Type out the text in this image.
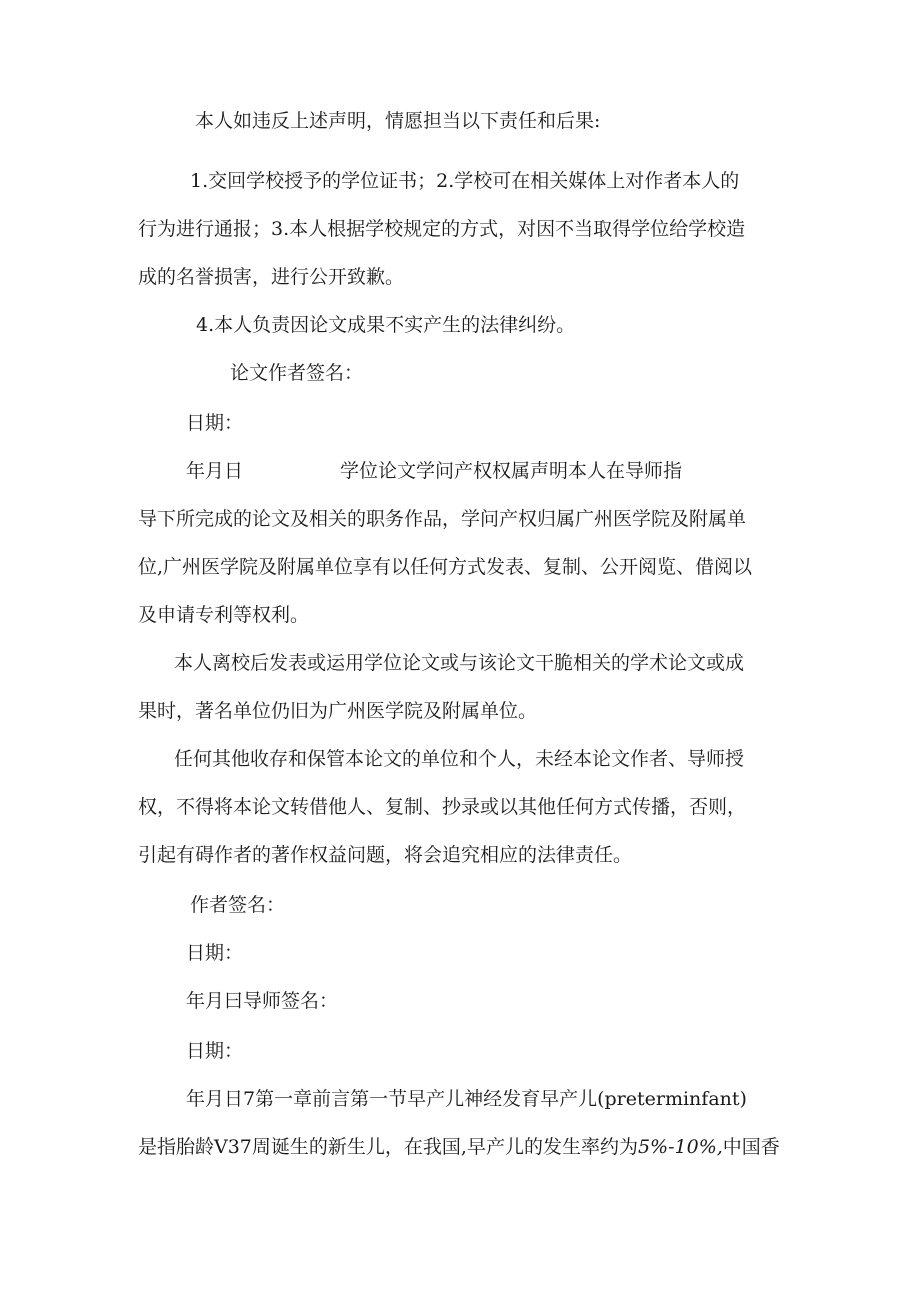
本人如违反上述声明，情愿担当以下责任和后果:
1.交回学校授予的学位证书；2.学校可在相关媒体上对作者本人的
行为进行通报；3.本人根据学校规定的方式，对因不当取得学位给学校造
成的名誉损害，进行公开致歉。
4.本人负责因论文成果不实产生的法律纠纷。
论文作者签名：
日期：
年月日	学位论文学问产权权属声明本人在导师指
导下所完成的论文及相关的职务作品，学问产权归属广州医学院及附属单
位,广州医学院及附属单位享有以任何方式发表、复制、公开阅览、借阅以
及申请专利等权利。
本人离校后发表或运用学位论文或与该论文干脆相关的学术论文或成
果时，著名单位仍旧为广州医学院及附属单位。
任何其他收存和保管本论文的单位和个人，未经本论文作者、导师授
权，不得将本论文转借他人、复制、抄录或以其他任何方式传播，否则，
引起有碍作者的著作权益问题，将会追究相应的法律责任。
作者签名：
日期：
年月曰导师签名：
日期：
年月日7第一章前言第一节早产儿神经发育早产儿(preterminfant)
是指胎龄V37周诞生的新生儿，在我国,早产儿的发生率约为5%-10%,中国香
